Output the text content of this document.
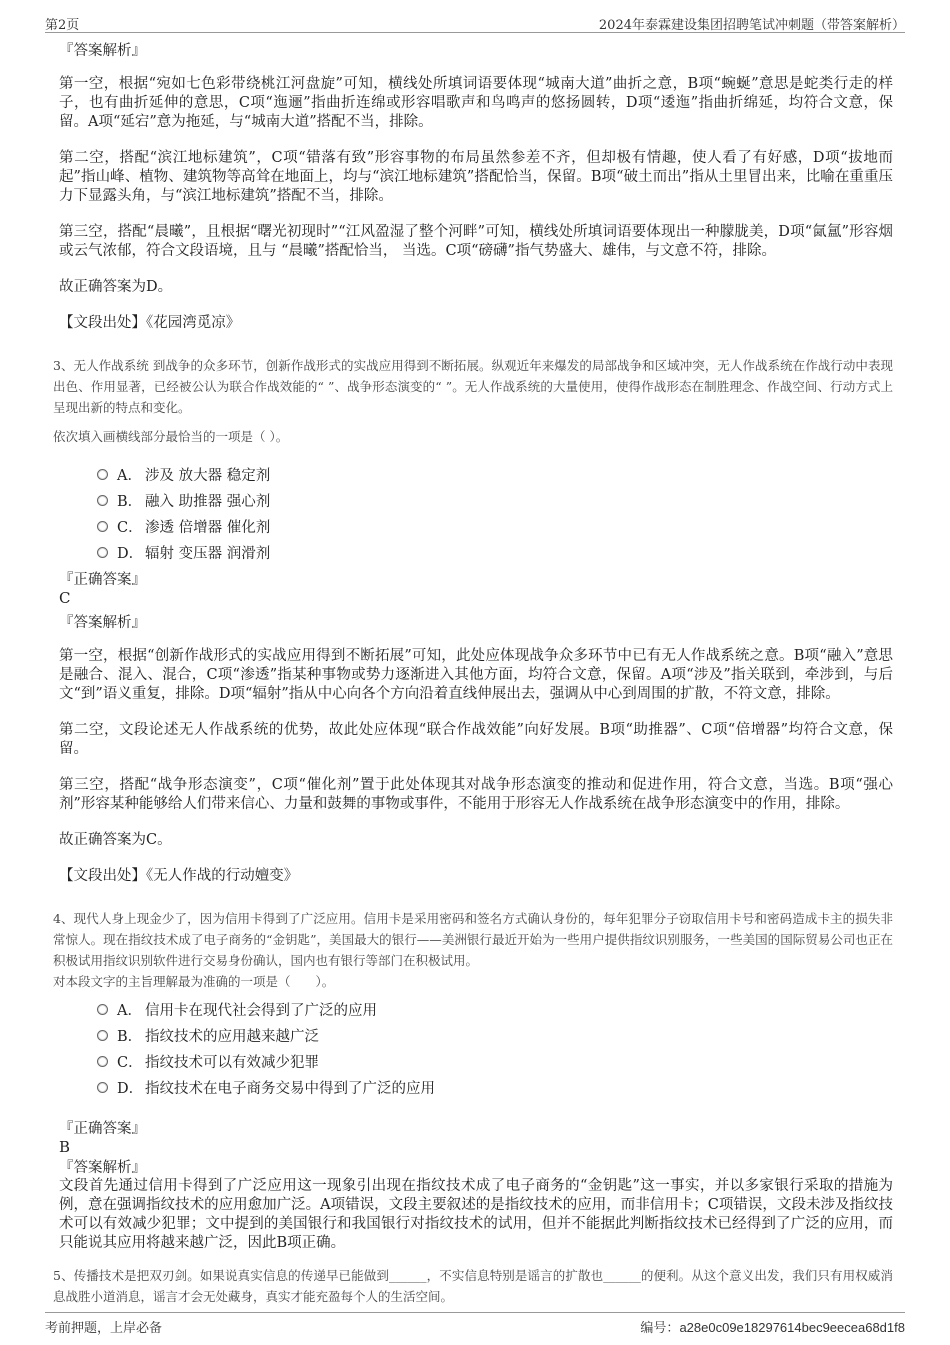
第2页	2024年泰霖建设集团招聘笔试冲刺题（带答案解析）
『答案解析』

第一空，根据“宛如七色彩带绕桃江河盘旋”可知，横线处所填词语要体现“城南大道”曲折之意，B项“蜿蜒”意思是蛇类行走的样子，也有曲折延伸的意思，C项“迤逦”指曲折连绵或形容唱歌声和鸟鸣声的悠扬圆转，D项“逶迤”指曲折绵延，均符合文意，保留。A项“延宕”意为拖延，与“城南大道”搭配不当，排除。

第二空，搭配“滨江地标建筑”，C项“错落有致”形容事物的布局虽然参差不齐，但却极有情趣，使人看了有好感，D项“拔地而起”指山峰、植物、建筑物等高耸在地面上，均与“滨江地标建筑”搭配恰当，保留。B项“破土而出”指从土里冒出来，比喻在重重压力下显露头角，与“滨江地标建筑”搭配不当，排除。

第三空，搭配“晨曦”，且根据“曙光初现时”“江风盈湿了整个河畔”可知，横线处所填词语要体现出一种朦胧美，D项“氤氲”形容烟或云气浓郁，符合文段语境，且与 “晨曦”搭配恰当， 当选。C项“磅礴”指气势盛大、雄伟，与文意不符，排除。

故正确答案为D。

【文段出处】《花园湾觅凉》

3、无人作战系统 到战争的众多环节，创新作战形式的实战应用得到不断拓展。纵观近年来爆发的局部战争和区域冲突，无人作战系统在作战行动中表现出色、作用显著，已经被公认为联合作战效能的“ ”、战争形态演变的“ ”。无人作战系统的大量使用，使得作战形态在制胜理念、作战空间、行动方式上呈现出新的特点和变化。

依次填入画横线部分最恰当的一项是（ ）。

A． 涉及 放大器 稳定剂
B． 融入 助推器 强心剂
C． 渗透 倍增器 催化剂
D． 辐射 变压器 润滑剂
『正确答案』
C
『答案解析』

第一空，根据“创新作战形式的实战应用得到不断拓展”可知，此处应体现战争众多环节中已有无人作战系统之意。B项“融入”意思是融合、混入、混合，C项“渗透”指某种事物或势力逐渐进入其他方面，均符合文意，保留。A项“涉及”指关联到，牵涉到，与后文“到”语义重复，排除。D项“辐射”指从中心向各个方向沿着直线伸展出去，强调从中心到周围的扩散，不符文意，排除。

第二空，文段论述无人作战系统的优势，故此处应体现“联合作战效能”向好发展。B项“助推器”、C项“倍增器”均符合文意，保留。

第三空，搭配“战争形态演变”，C项“催化剂”置于此处体现其对战争形态演变的推动和促进作用，符合文意，当选。B项“强心剂”形容某种能够给人们带来信心、力量和鼓舞的事物或事件，不能用于形容无人作战系统在战争形态演变中的作用，排除。

故正确答案为C。

【文段出处】《无人作战的行动嬗变》

4、现代人身上现金少了，因为信用卡得到了广泛应用。信用卡是采用密码和签名方式确认身份的，每年犯罪分子窃取信用卡号和密码造成卡主的损失非常惊人。现在指纹技术成了电子商务的“金钥匙”，美国最大的银行——美洲银行最近开始为一些用户提供指纹识别服务，一些美国的国际贸易公司也正在积极试用指纹识别软件进行交易身份确认，国内也有银行等部门在积极试用。

对本段文字的主旨理解最为准确的一项是（　　）。

A． 信用卡在现代社会得到了广泛的应用
B． 指纹技术的应用越来越广泛
C． 指纹技术可以有效减少犯罪
D． 指纹技术在电子商务交易中得到了广泛的应用
『正确答案』
B
『答案解析』

文段首先通过信用卡得到了广泛应用这一现象引出现在指纹技术成了电子商务的“金钥匙”这一事实，并以多家银行采取的措施为例，意在强调指纹技术的应用愈加广泛。A项错误，文段主要叙述的是指纹技术的应用，而非信用卡；C项错误，文段未涉及指纹技术可以有效减少犯罪；文中提到的美国银行和我国银行对指纹技术的试用，但并不能据此判断指纹技术已经得到了广泛的应用，而只能说其应用将越来越广泛，因此B项正确。

5、传播技术是把双刃剑。如果说真实信息的传递早已能做到______，不实信息特别是谣言的扩散也______的便利。从这个意义出发，我们只有用权威消息战胜小道消息，谣言才会无处藏身，真实才能充盈每个人的生活空间。

考前押题，上岸必备	编号：a28e0c09e18297614bec9eecea68d1f8
